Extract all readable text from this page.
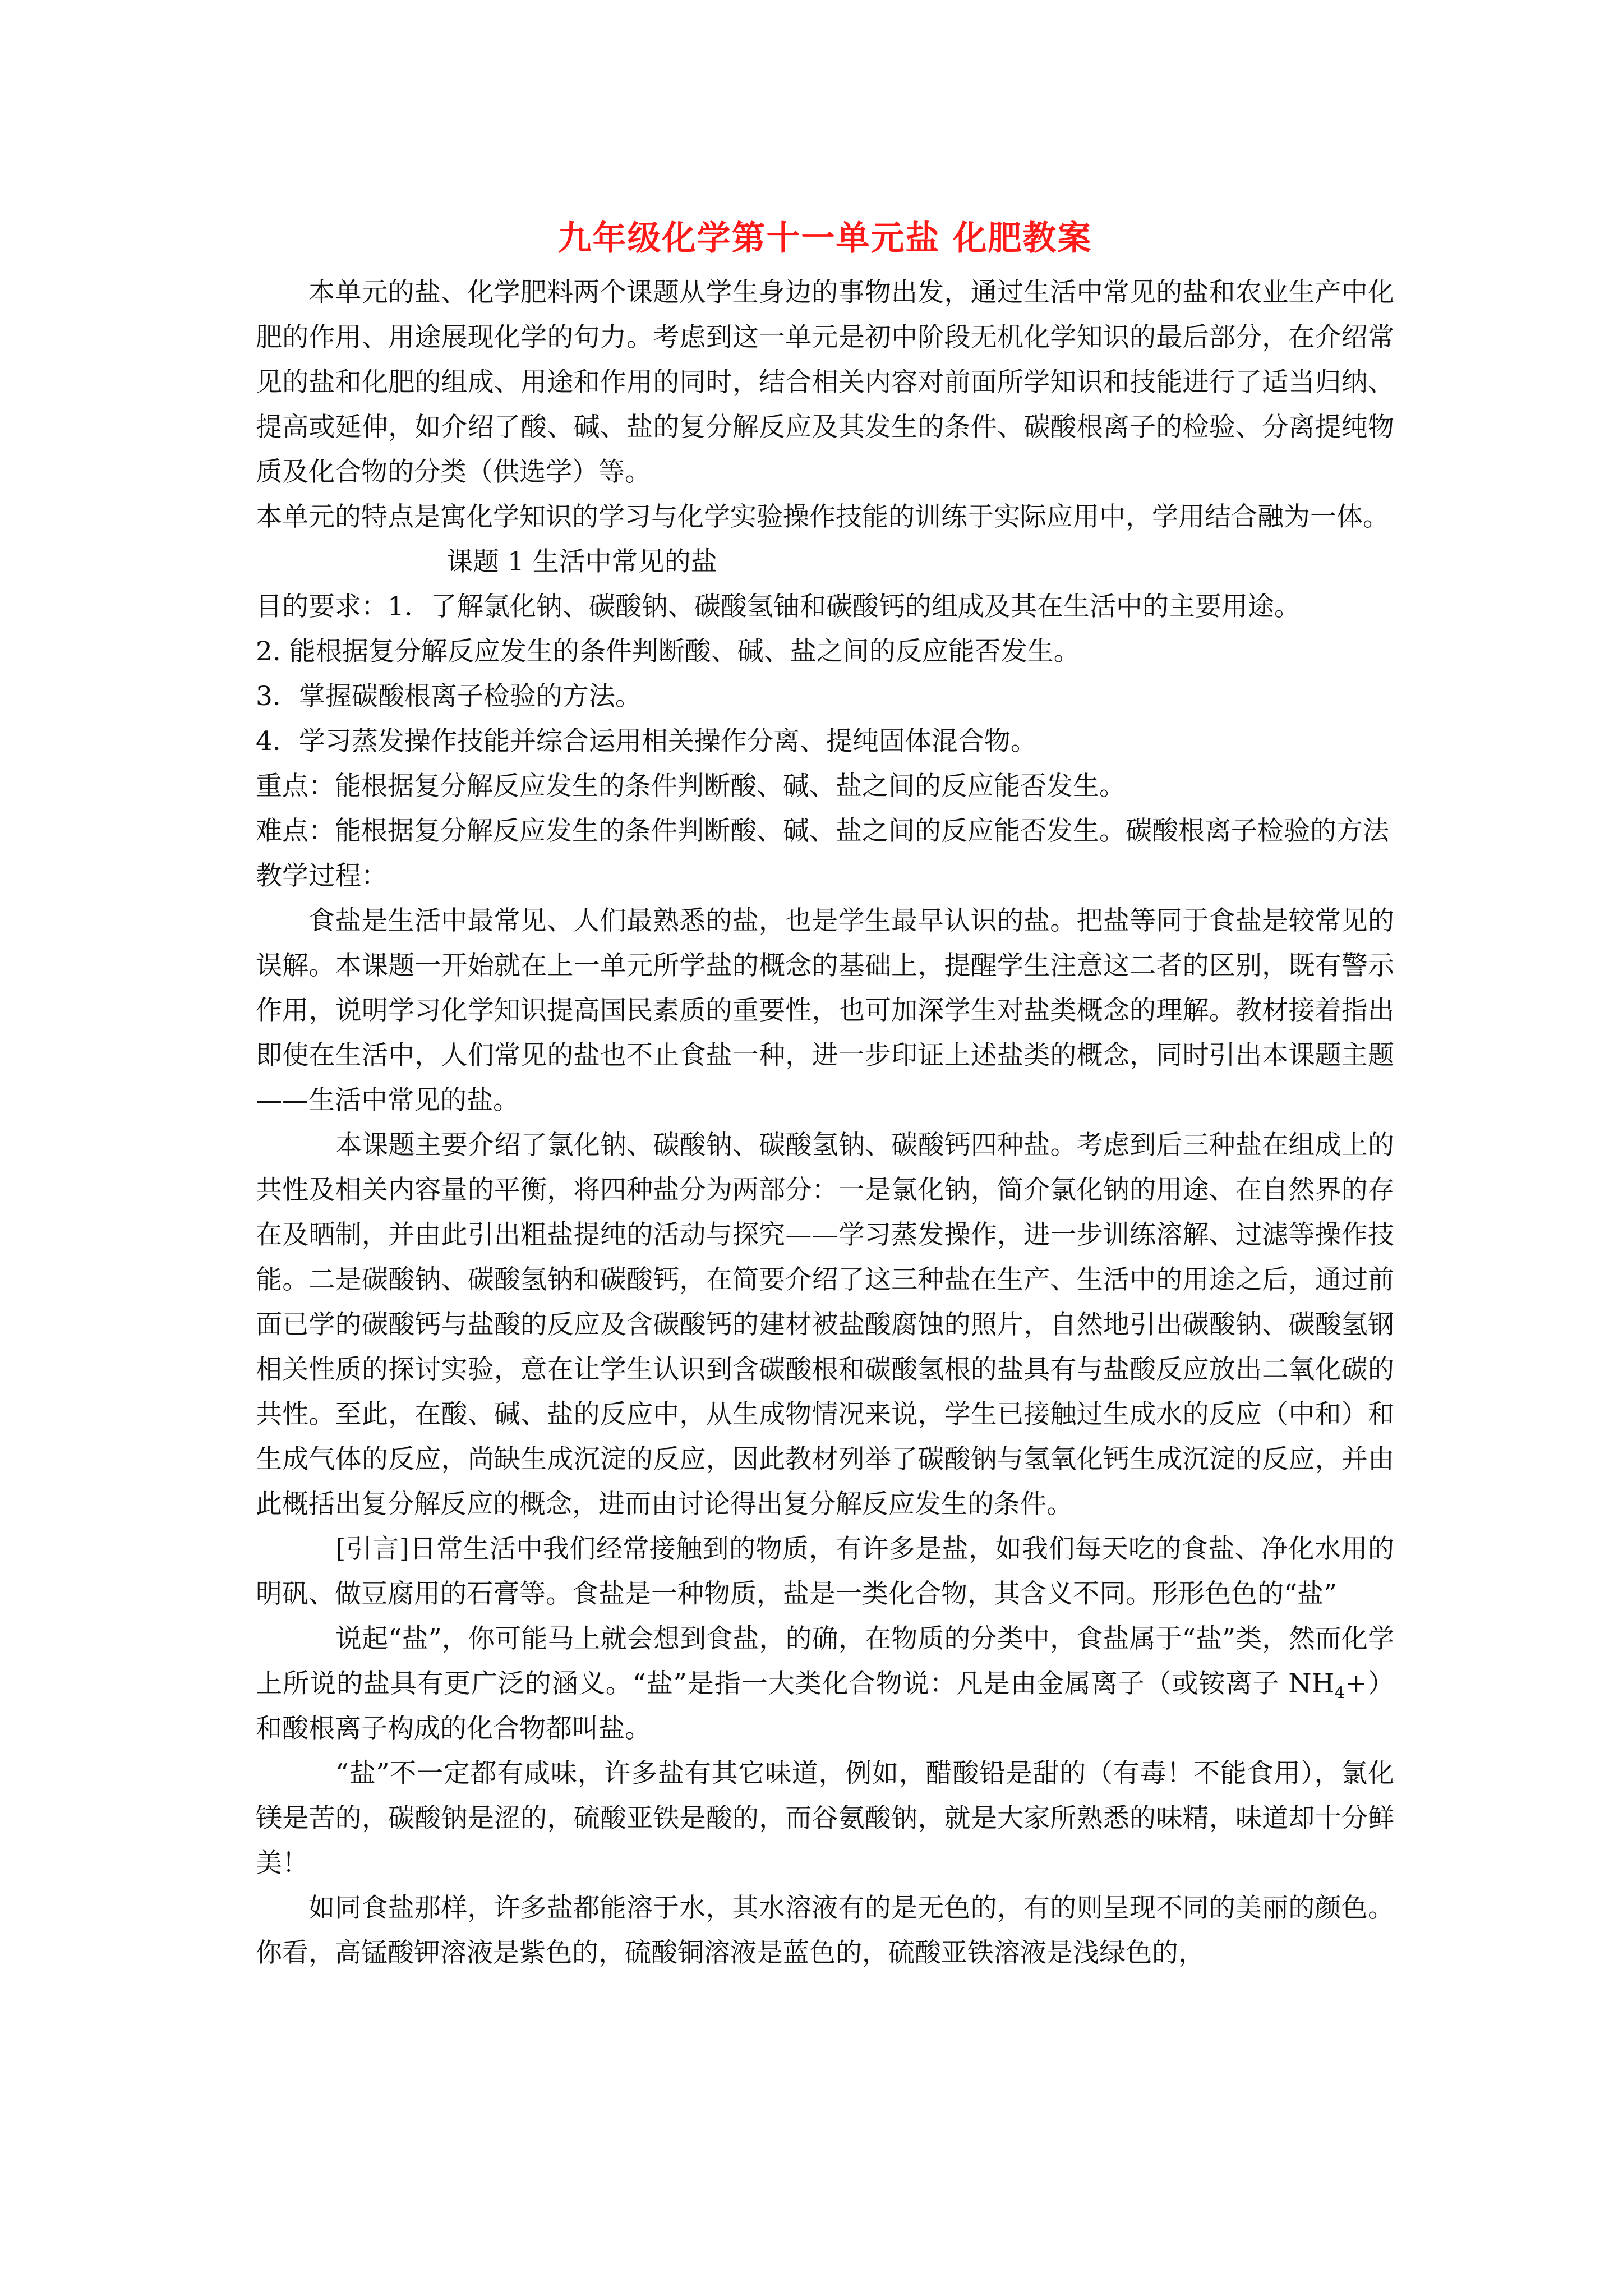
九年级化学第十一单元盐 化肥教案

本单元的盐、化学肥料两个课题从学生身边的事物出发，通过生活中常见的盐和农业生产中化肥的作用、用途展现化学的句力。考虑到这一单元是初中阶段无机化学知识的最后部分，在介绍常见的盐和化肥的组成、用途和作用的同时，结合相关内容对前面所学知识和技能进行了适当归纳、提高或延伸，如介绍了酸、碱、盐的复分解反应及其发生的条件、碳酸根离子的检验、分离提纯物质及化合物的分类（供选学）等。

本单元的特点是寓化学知识的学习与化学实验操作技能的训练于实际应用中，学用结合融为一体。

课题 1 生活中常见的盐

目的要求：1．了解氯化钠、碳酸钠、碳酸氢铀和碳酸钙的组成及其在生活中的主要用途。

2. 能根据复分解反应发生的条件判断酸、碱、盐之间的反应能否发生。

3．掌握碳酸根离子检验的方法。

4．学习蒸发操作技能并综合运用相关操作分离、提纯固体混合物。

重点：能根据复分解反应发生的条件判断酸、碱、盐之间的反应能否发生。

难点：能根据复分解反应发生的条件判断酸、碱、盐之间的反应能否发生。碳酸根离子检验的方法

教学过程：

食盐是生活中最常见、人们最熟悉的盐，也是学生最早认识的盐。把盐等同于食盐是较常见的误解。本课题一开始就在上一单元所学盐的概念的基础上，提醒学生注意这二者的区别，既有警示作用，说明学习化学知识提高国民素质的重要性，也可加深学生对盐类概念的理解。教材接着指出即使在生活中，人们常见的盐也不止食盐一种，进一步印证上述盐类的概念，同时引出本课题主题——生活中常见的盐。

本课题主要介绍了氯化钠、碳酸钠、碳酸氢钠、碳酸钙四种盐。考虑到后三种盐在组成上的共性及相关内容量的平衡，将四种盐分为两部分：一是氯化钠，简介氯化钠的用途、在自然界的存在及晒制，并由此引出粗盐提纯的活动与探究——学习蒸发操作，进一步训练溶解、过滤等操作技能。二是碳酸钠、碳酸氢钠和碳酸钙，在简要介绍了这三种盐在生产、生活中的用途之后，通过前面已学的碳酸钙与盐酸的反应及含碳酸钙的建材被盐酸腐蚀的照片，自然地引出碳酸钠、碳酸氢钢相关性质的探讨实验，意在让学生认识到含碳酸根和碳酸氢根的盐具有与盐酸反应放出二氧化碳的共性。至此，在酸、碱、盐的反应中，从生成物情况来说，学生已接触过生成水的反应（中和）和生成气体的反应，尚缺生成沉淀的反应，因此教材列举了碳酸钠与氢氧化钙生成沉淀的反应，并由此概括出复分解反应的概念，进而由讨论得出复分解反应发生的条件。

[引言]日常生活中我们经常接触到的物质，有许多是盐，如我们每天吃的食盐、净化水用的明矾、做豆腐用的石膏等。食盐是一种物质，盐是一类化合物，其含义不同。形形色色的“盐”

说起“盐”，你可能马上就会想到食盐，的确，在物质的分类中，食盐属于“盐”类，然而化学上所说的盐具有更广泛的涵义。“盐”是指一大类化合物说：凡是由金属离子（或铵离子 $NH_4+$）和酸根离子构成的化合物都叫盐。

“盐”不一定都有咸味，许多盐有其它味道，例如，醋酸铅是甜的（有毒！不能食用），氯化镁是苦的，碳酸钠是涩的，硫酸亚铁是酸的，而谷氨酸钠，就是大家所熟悉的味精，味道却十分鲜美！

如同食盐那样，许多盐都能溶于水，其水溶液有的是无色的，有的则呈现不同的美丽的颜色。你看，高锰酸钾溶液是紫色的，硫酸铜溶液是蓝色的，硫酸亚铁溶液是浅绿色的，
